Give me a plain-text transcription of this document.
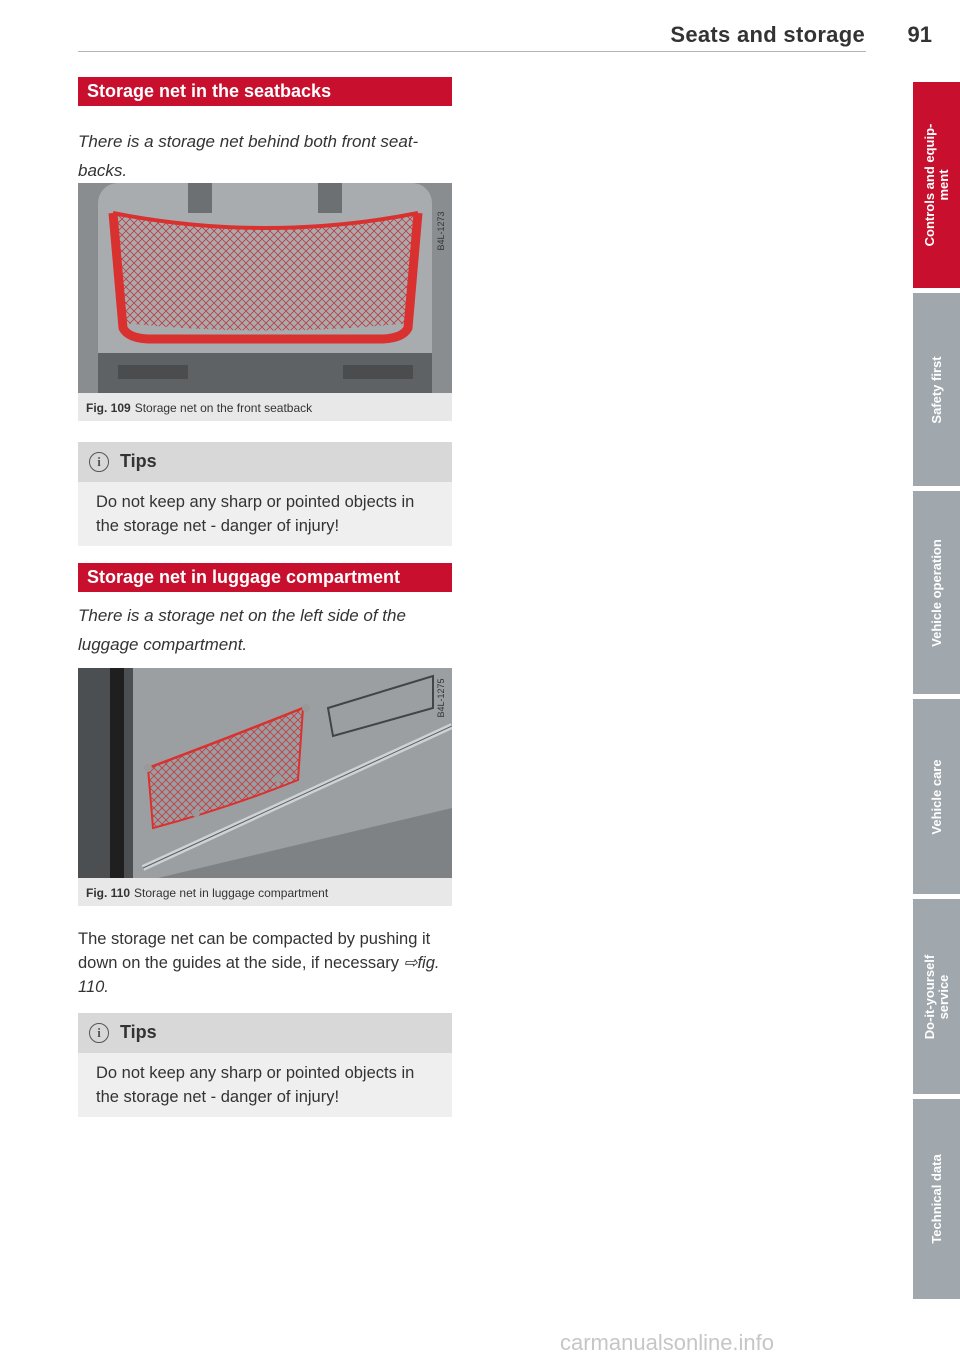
Seats and storage 91
Storage net in the seatbacks
There is a storage net behind both front seat-backs.
B4L-1273
Fig. 109 Storage net on the front seatback
i	Tips
Do not keep any sharp or pointed objects in the storage net - danger of injury!
Storage net in luggage compartment
There is a storage net on the left side of the luggage compartment.
B4L-1275
Fig. 110 Storage net in luggage compartment
The storage net can be compacted by pushing it down on the guides at the side, if necessary ⇨fig. 110.
i	Tips
Do not keep any sharp or pointed objects in the storage net - danger of injury!
Controls and equip-
ment
Safety first
Vehicle operation
Vehicle care
Do-it-yourself
service
Technical data
carmanualsonline.info
